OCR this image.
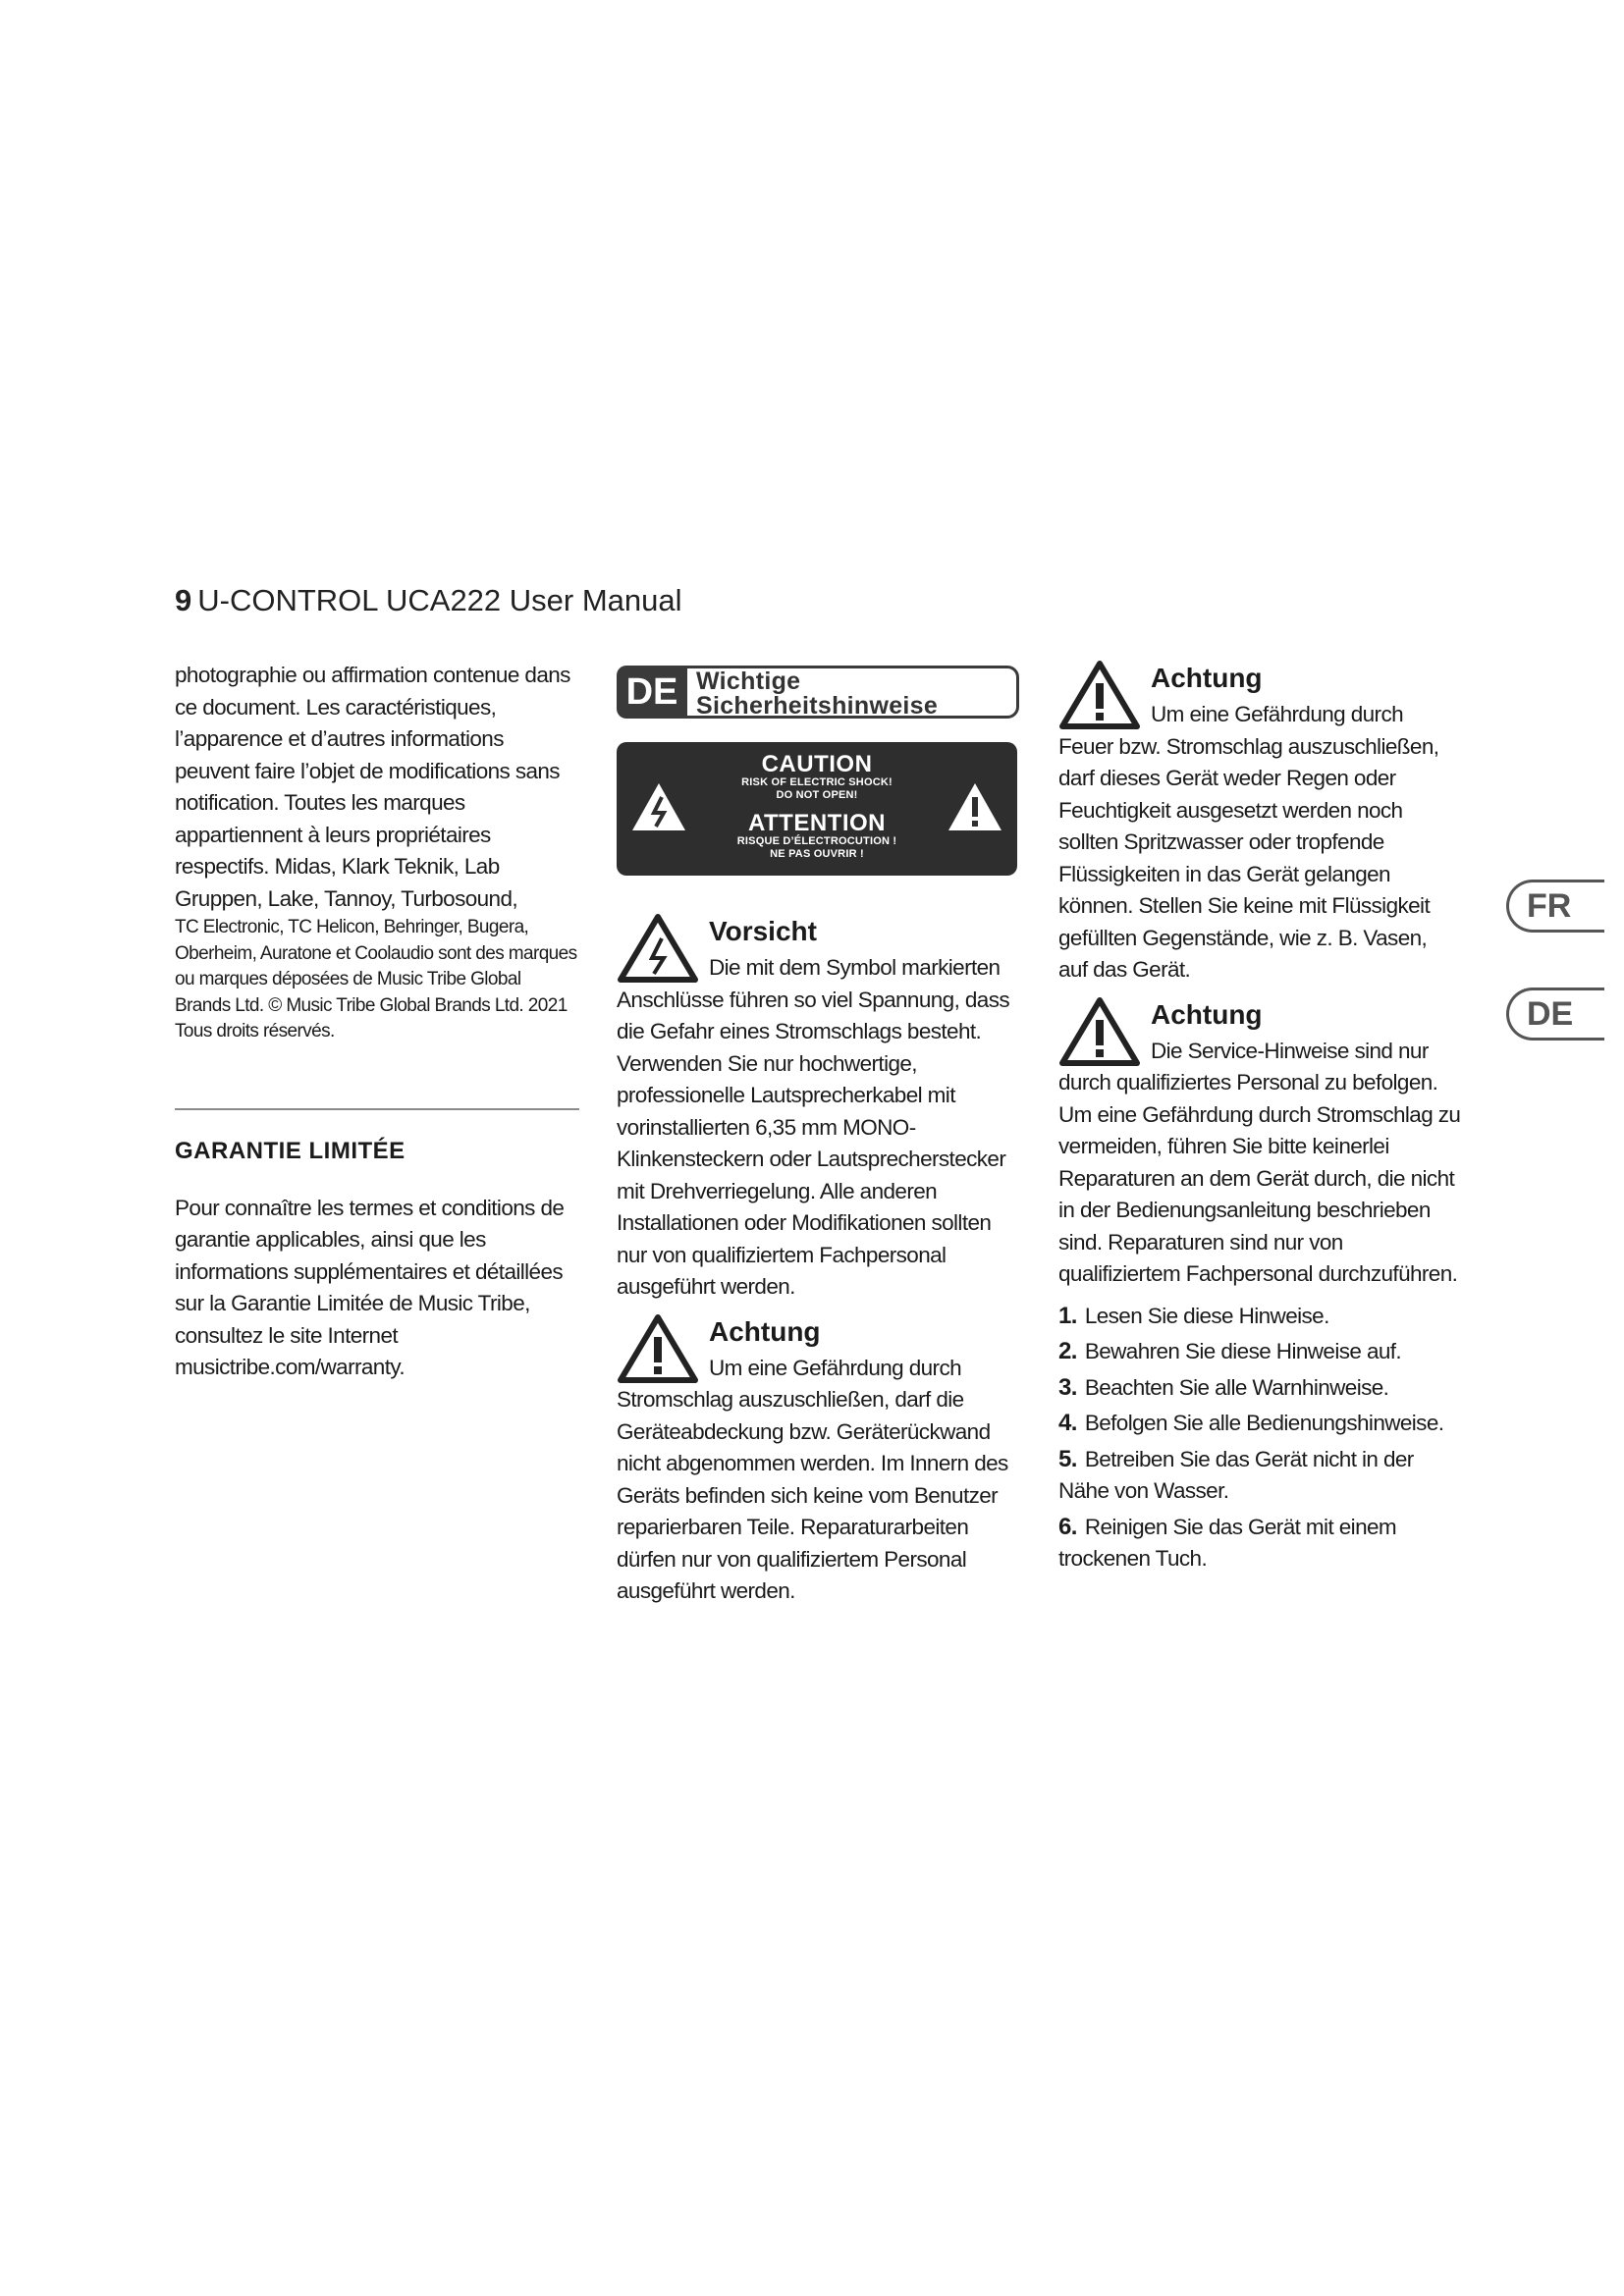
9 U-CONTROL UCA222 User Manual

photographie ou affirmation contenue dans ce document. Les caractéristiques, l’apparence et d’autres informations peuvent faire l’objet de modifications sans notification. Toutes les marques appartiennent à leurs propriétaires respectifs. Midas, Klark Teknik, Lab Gruppen, Lake, Tannoy, Turbosound,

TC Electronic, TC Helicon, Behringer, Bugera, Oberheim, Auratone et Coolaudio sont des marques ou marques déposées de Music Tribe Global Brands Ltd. © Music Tribe Global Brands Ltd. 2021 Tous droits réservés.

GARANTIE LIMITÉE

Pour connaître les termes et conditions de garantie applicables, ainsi que les informations supplémentaires et détaillées sur la Garantie Limitée de Music Tribe, consultez le site Internet musictribe.com/warranty.

DE Wichtige
Sicherheitshinweise
CAUTION
RISK OF ELECTRIC SHOCK!
DO NOT OPEN!
ATTENTION
RISQUE D’ÉLECTROCUTION !
NE PAS OUVRIR !
Vorsicht

Die mit dem Symbol markierten Anschlüsse führen so viel Spannung, dass die Gefahr eines Stromschlags besteht. Verwenden Sie nur hochwertige, professionelle Lautsprecherkabel mit vorinstallierten 6,35 mm MONO-Klinkensteckern oder Lautsprecherstecker mit Drehverriegelung. Alle anderen Installationen oder Modifikationen sollten nur von qualifiziertem Fachpersonal ausgeführt werden.

Achtung

Um eine Gefährdung durch Stromschlag auszuschließen, darf die Geräteabdeckung bzw. Geräterückwand nicht abgenommen werden. Im Innern des Geräts befinden sich keine vom Benutzer reparierbaren Teile. Reparaturarbeiten dürfen nur von qualifiziertem Personal ausgeführt werden.

Achtung

Um eine Gefährdung durch Feuer bzw. Stromschlag auszuschließen, darf dieses Gerät weder Regen oder Feuchtigkeit ausgesetzt werden noch sollten Spritzwasser oder tropfende Flüssigkeiten in das Gerät gelangen können. Stellen Sie keine mit Flüssigkeit gefüllten Gegenstände, wie z. B. Vasen, auf das Gerät.

Achtung

Die Service-Hinweise sind nur durch qualifiziertes Personal zu befolgen. Um eine Gefährdung durch Stromschlag zu vermeiden, führen Sie bitte keinerlei Reparaturen an dem Gerät durch, die nicht in der Bedienungsanleitung beschrieben sind. Reparaturen sind nur von qualifiziertem Fachpersonal durchzuführen.

1. Lesen Sie diese Hinweise.
2. Bewahren Sie diese Hinweise auf.
3. Beachten Sie alle Warnhinweise.
4. Befolgen Sie alle Bedienungshinweise.
5. Betreiben Sie das Gerät nicht in der Nähe von Wasser.
6. Reinigen Sie das Gerät mit einem trockenen Tuch.
FR
DE
